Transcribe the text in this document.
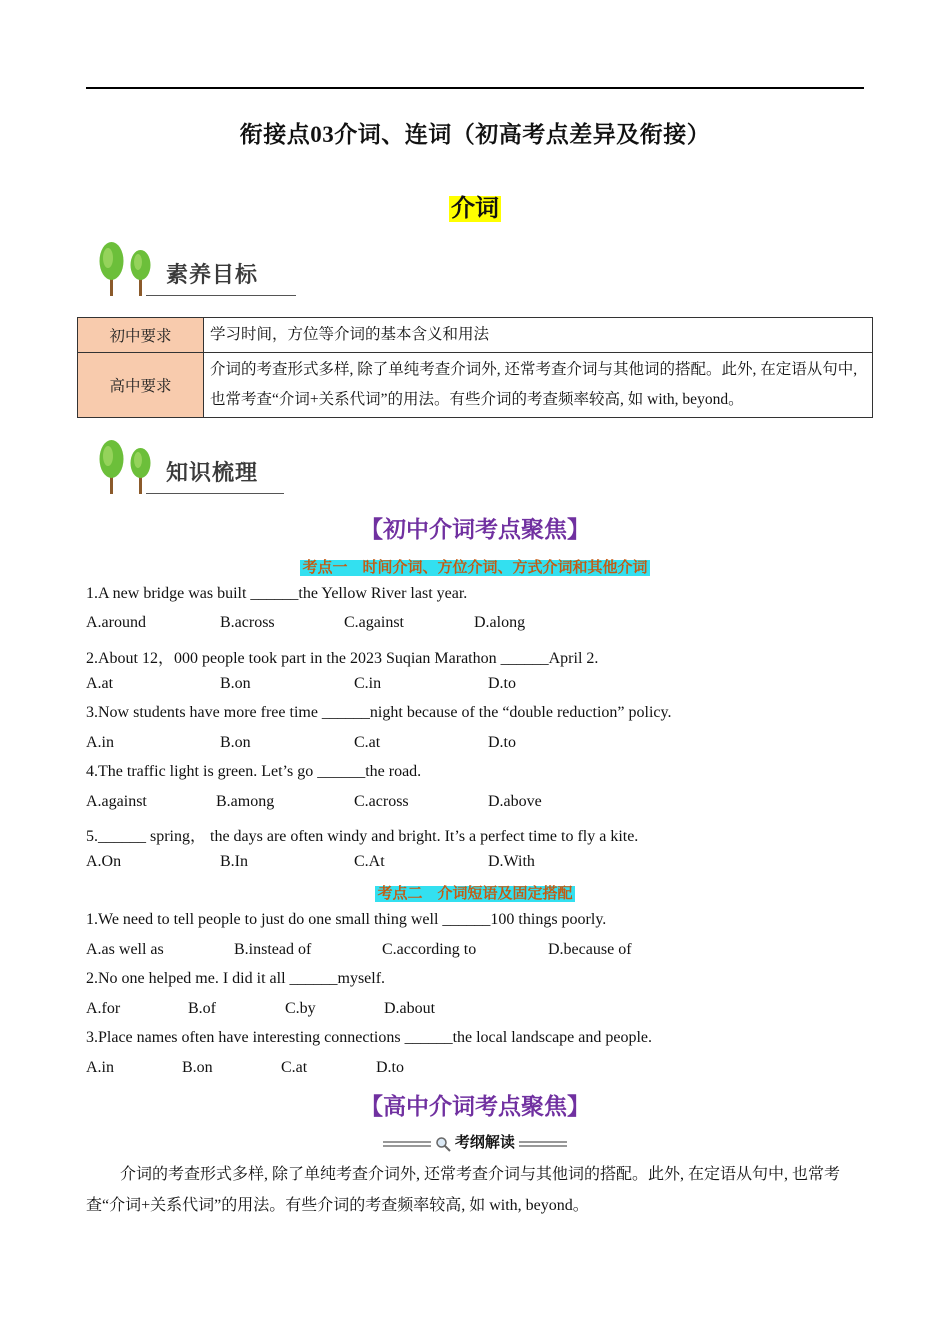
衔接点03介词、连词（初高考点差异及衔接）
介词
素养目标
初中要求	学习时间，方位等介词的基本含义和用法
高中要求	介词的考查形式多样, 除了单纯考查介词外, 还常考查介词与其他词的搭配。此外, 在定语从句中, 也常考查“介词+关系代词”的用法。有些介词的考查频率较高, 如 with, beyond。
知识梳理
【初中介词考点聚焦】
考点一　时间介词、方位介词、方式介词和其他介词
1.A new bridge was built ______the Yellow River last year.
A.around	B.across	C.against	D.along
2.About 12，000 people took part in the 2023 Suqian Marathon ______April 2.
A.at	B.on	C.in	D.to
3.Now students have more free time ______night because of the “double reduction” policy.
A.in	B.on	C.at	D.to
4.The traffic light is green. Let’s go ______the road.
A.against	B.among	C.across	D.above
5.______ spring， the days are often windy and bright. It’s a perfect time to fly a kite.
A.On	B.In	C.At	D.With
考点二　介词短语及固定搭配
1.We need to tell people to just do one small thing well ______100 things poorly.
A.as well as	B.instead of	C.according to	D.because of
2.No one helped me. I did it all ______myself.
A.for	B.of	C.by	D.about
3.Place names often have interesting connections ______the local landscape and people.
A.in	B.on	C.at	D.to
【高中介词考点聚焦】
考纲解读
介词的考查形式多样, 除了单纯考查介词外, 还常考查介词与其他词的搭配。此外, 在定语从句中, 也常考查“介词+关系代词”的用法。有些介词的考查频率较高, 如 with, beyond。
